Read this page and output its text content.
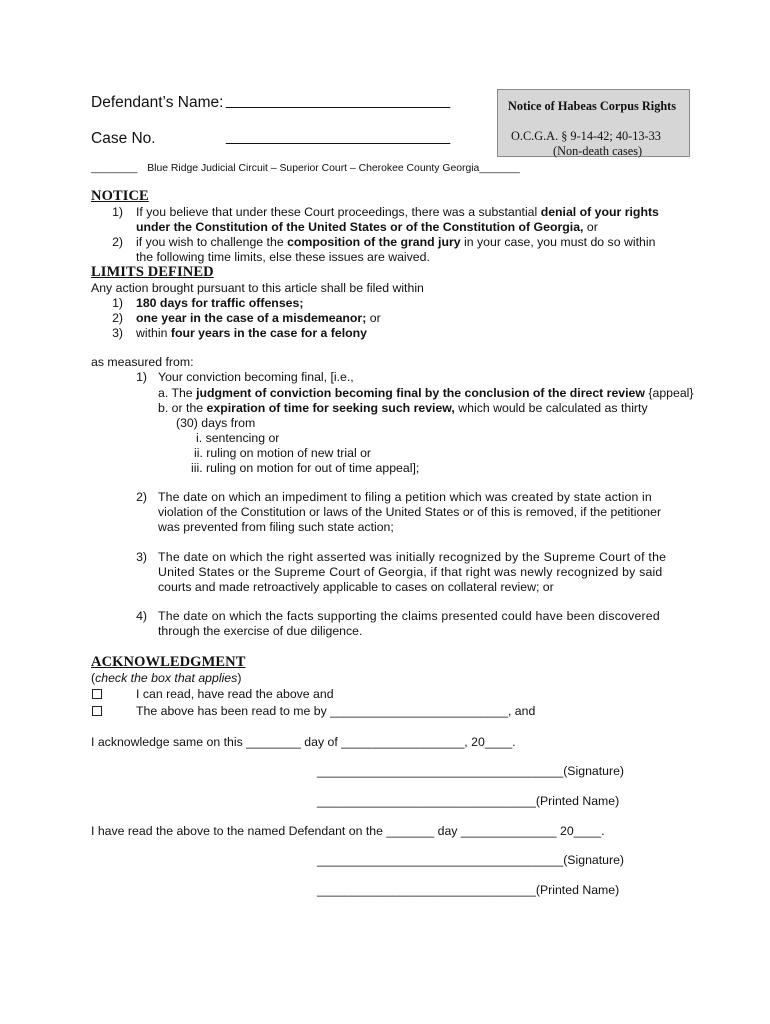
Defendant’s Name: __________________________
Case No.	__________________________
________ Blue Ridge Judicial Circuit – Superior Court – Cherokee County Georgia_______
Notice of Habeas Corpus Rights
O.C.G.A. § 9-14-42; 40-13-33
(Non-death cases)
NOTICE
1) If you believe that under these Court proceedings, there was a substantial denial of your rights
under the Constitution of the United States or of the Constitution of Georgia, or
2) if you wish to challenge the composition of the grand jury in your case, you must do so within
the following time limits, else these issues are waived.
LIMITS DEFINED
Any action brought pursuant to this article shall be filed within
1) 180 days for traffic offenses;
2) one year in the case of a misdemeanor; or
3) within four years in the case for a felony
as measured from:
1) Your conviction becoming final, [i.e.,
a. The judgment of conviction becoming final by the conclusion of the direct review {appeal}
b. or the expiration of time for seeking such review, which would be calculated as thirty
(30) days from
i. sentencing or
ii. ruling on motion of new trial or
iii. ruling on motion for out of time appeal];
2) The date on which an impediment to filing a petition which was created by state action in
violation of the Constitution or laws of the United States or of this is removed, if the petitioner
was prevented from filing such state action;
3) The date on which the right asserted was initially recognized by the Supreme Court of the
United States or the Supreme Court of Georgia, if that right was newly recognized by said
courts and made retroactively applicable to cases on collateral review; or
4) The date on which the facts supporting the claims presented could have been discovered
through the exercise of due diligence.
ACKNOWLEDGMENT
(check the box that applies)
I can read, have read the above and
The above has been read to me by __________________________, and
I acknowledge same on this ________ day of __________________, 20____.
____________________________________(Signature)
________________________________(Printed Name)
I have read the above to the named Defendant on the _______ day ______________ 20____.
____________________________________(Signature)
________________________________(Printed Name)
